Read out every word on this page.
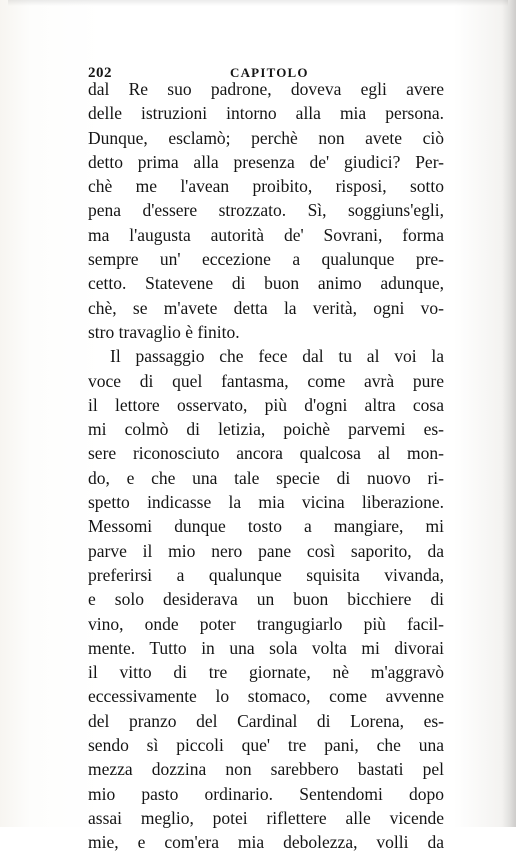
202	CAPITOLO
dal Re suo padrone, doveva egli avere
delle istruzioni intorno alla mia persona.
Dunque, esclamò; perchè non avete ciò
detto prima alla presenza de' giudici? Per-
chè me l'avean proibito, risposi, sotto
pena d'essere strozzato. Sì, soggiuns'egli,
ma l'augusta autorità de' Sovrani, forma
sempre un' eccezione a qualunque pre-
cetto. Statevene di buon animo adunque,
chè, se m'avete detta la verità, ogni vo-
stro travaglio è finito.
Il passaggio che fece dal tu al voi la
voce di quel fantasma, come avrà pure
il lettore osservato, più d'ogni altra cosa
mi colmò di letizia, poichè parvemi es-
sere riconosciuto ancora qualcosa al mon-
do, e che una tale specie di nuovo ri-
spetto indicasse la mia vicina liberazione.
Messomi dunque tosto a mangiare, mi
parve il mio nero pane così saporito, da
preferirsi a qualunque squisita vivanda,
e solo desiderava un buon bicchiere di
vino, onde poter trangugiarlo più facil-
mente. Tutto in una sola volta mi divorai
il vitto di tre giornate, nè m'aggravò
eccessivamente lo stomaco, come avvenne
del pranzo del Cardinal di Lorena, es-
sendo sì piccoli que' tre pani, che una
mezza dozzina non sarebbero bastati pel
mio pasto ordinario. Sentendomi dopo
assai meglio, potei riflettere alle vicende
mie, e com'era mia debolezza, volli da
